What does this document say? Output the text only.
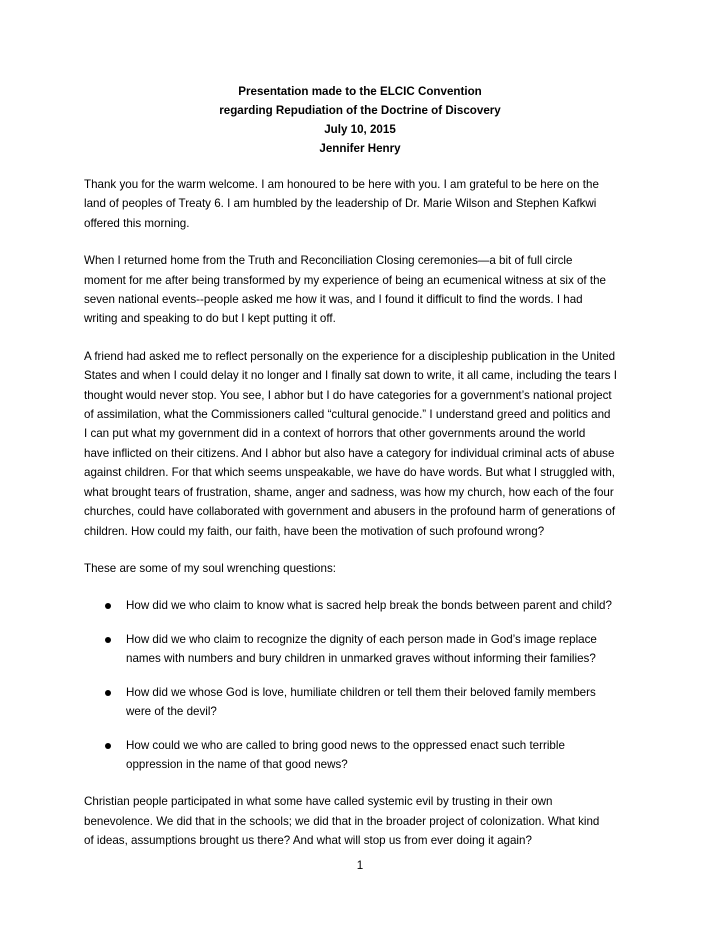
Presentation made to the ELCIC Convention
regarding Repudiation of the Doctrine of Discovery
July 10, 2015
Jennifer Henry

Thank you for the warm welcome. I am honoured to be here with you. I am grateful to be here on the
land of peoples of Treaty 6. I am humbled by the leadership of Dr. Marie Wilson and Stephen Kafkwi
offered this morning.

When I returned home from the Truth and Reconciliation Closing ceremonies—a bit of full circle
moment for me after being transformed by my experience of being an ecumenical witness at six of the
seven national events--people asked me how it was, and I found it difficult to find the words. I had
writing and speaking to do but I kept putting it off.

A friend had asked me to reflect personally on the experience for a discipleship publication in the United
States and when I could delay it no longer and I finally sat down to write, it all came, including the tears I
thought would never stop. You see, I abhor but I do have categories for a government’s national project
of assimilation, what the Commissioners called “cultural genocide.” I understand greed and politics and
I can put what my government did in a context of horrors that other governments around the world
have inflicted on their citizens. And I abhor but also have a category for individual criminal acts of abuse
against children. For that which seems unspeakable, we have do have words. But what I struggled with,
what brought tears of frustration, shame, anger and sadness, was how my church, how each of the four
churches, could have collaborated with government and abusers in the profound harm of generations of
children. How could my faith, our faith, have been the motivation of such profound wrong?

These are some of my soul wrenching questions:

How did we who claim to know what is sacred help break the bonds between parent and child?
How did we who claim to recognize the dignity of each person made in God’s image replace
names with numbers and bury children in unmarked graves without informing their families?
How did we whose God is love, humiliate children or tell them their beloved family members
were of the devil?
How could we who are called to bring good news to the oppressed enact such terrible
oppression in the name of that good news?

Christian people participated in what some have called systemic evil by trusting in their own
benevolence. We did that in the schools; we did that in the broader project of colonization. What kind
of ideas, assumptions brought us there? And what will stop us from ever doing it again?

1
